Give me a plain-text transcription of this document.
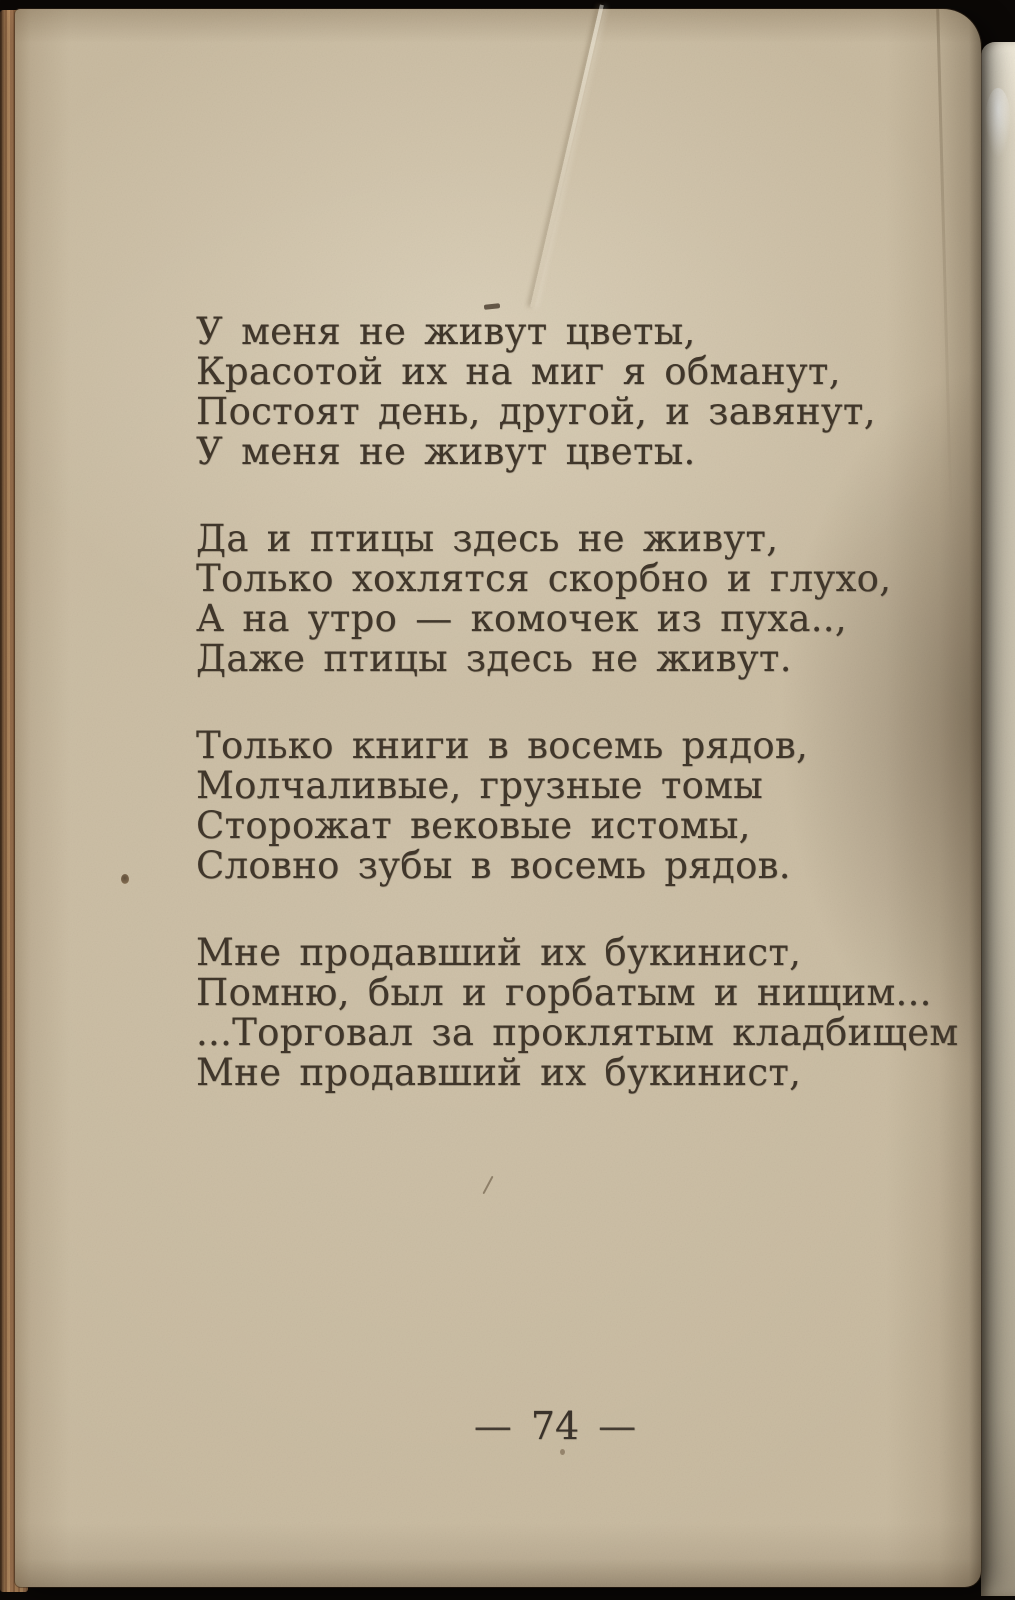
У меня не живут цветы,
Красотой их на миг я обманут,
Постоят день, другой, и завянут,
У меня не живут цветы.
Да и птицы здесь не живут,
Только хохлятся скорбно и глухо,
А на утро — комочек из пуха..,
Даже птицы здесь не живут.
Только книги в восемь рядов,
Молчаливые, грузные томы
Сторожат вековые истомы,
Словно зубы в восемь рядов.
Мне продавший их букинист,
Помню, был и горбатым и нищим...
...Торговал за проклятым кладбищем
Мне продавший их букинист,
— 74 —
